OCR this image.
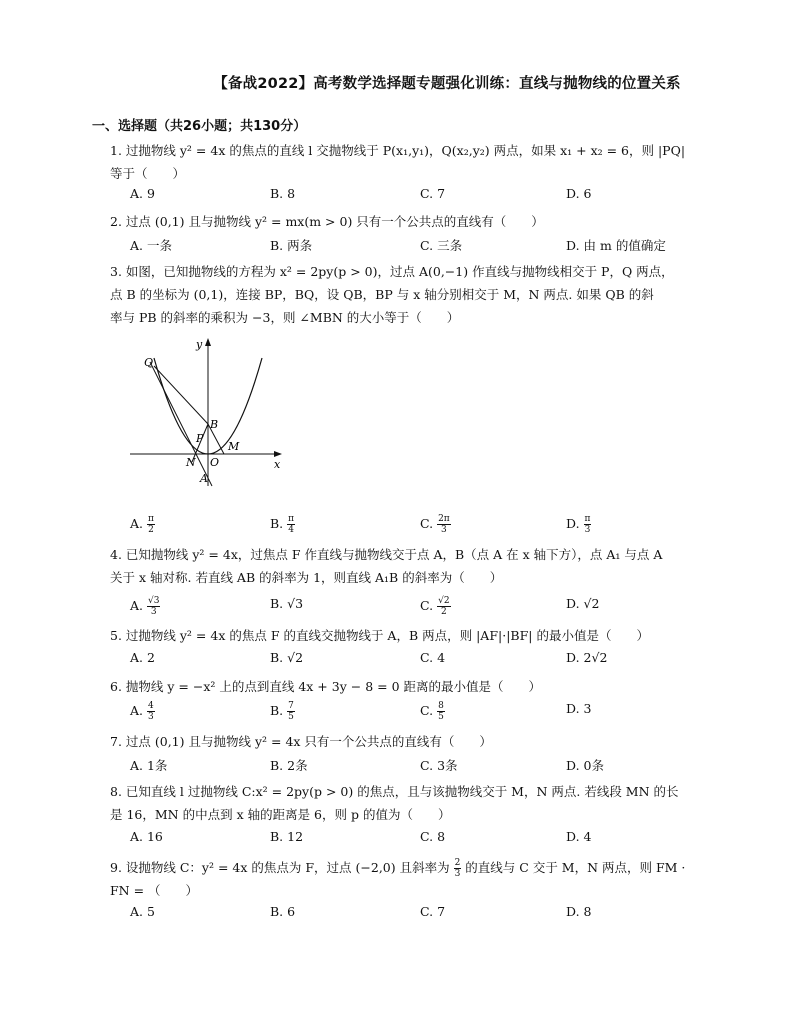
【备战2022】高考数学选择题专题强化训练：直线与抛物线的位置关系
一、选择题（共26小题；共130分）
1. 过抛物线 y² = 4x 的焦点的直线 l 交抛物线于 P(x₁,y₁)，Q(x₂,y₂) 两点，如果 x₁ + x₂ = 6，则 |PQ|
等于（　　）
A. 9	B. 8	C. 7	D. 6
2. 过点 (0,1) 且与抛物线 y² = mx(m > 0) 只有一个公共点的直线有（　　）
A. 一条	B. 两条	C. 三条	D. 由 m 的值确定
3. 如图，已知抛物线的方程为 x² = 2py(p > 0)，过点 A(0,−1) 作直线与抛物线相交于 P，Q 两点，
点 B 的坐标为 (0,1)，连接 BP，BQ，设 QB，BP 与 x 轴分别相交于 M，N 两点. 如果 QB 的斜
率与 PB 的斜率的乘积为 −3，则 ∠MBN 的大小等于（　　）
Q
y
B
P
M
N O
A
x
A. $\frac{\pi}{2}$	B. $\frac{\pi}{4}$	C. $\frac{2\pi}{3}$	D. $\frac{\pi}{3}$
4. 已知抛物线 y² = 4x，过焦点 F 作直线与抛物线交于点 A，B（点 A 在 x 轴下方），点 A₁ 与点 A
关于 x 轴对称. 若直线 AB 的斜率为 1，则直线 A₁B 的斜率为（　　）
A. $\frac{√3}{3}$	B. √3	C. $\frac{√2}{2}$	D. √2
5. 过抛物线 y² = 4x 的焦点 F 的直线交抛物线于 A，B 两点，则 |AF|·|BF| 的最小值是（　　）
A. 2	B. √2	C. 4	D. 2√2
6. 抛物线 y = −x² 上的点到直线 4x + 3y − 8 = 0 距离的最小值是（　　）
A. $\frac{4}{3}$	B. $\frac{7}{5}$	C. $\frac{8}{5}$	D. 3
7. 过点 (0,1) 且与抛物线 y² = 4x 只有一个公共点的直线有（　　）
A. 1条	B. 2条	C. 3条	D. 0条
8. 已知直线 l 过抛物线 C:x² = 2py(p > 0) 的焦点，且与该抛物线交于 M，N 两点. 若线段 MN 的长
是 16，MN 的中点到 x 轴的距离是 6，则 p 的值为（　　）
A. 16	B. 12	C. 8	D. 4
9. 设抛物线 C：y² = 4x 的焦点为 F，过点 (−2,0) 且斜率为 $\frac{2}{3}$ 的直线与 C 交于 M，N 两点，则 FM ·
FN = （　　）
A. 5	B. 6	C. 7	D. 8
